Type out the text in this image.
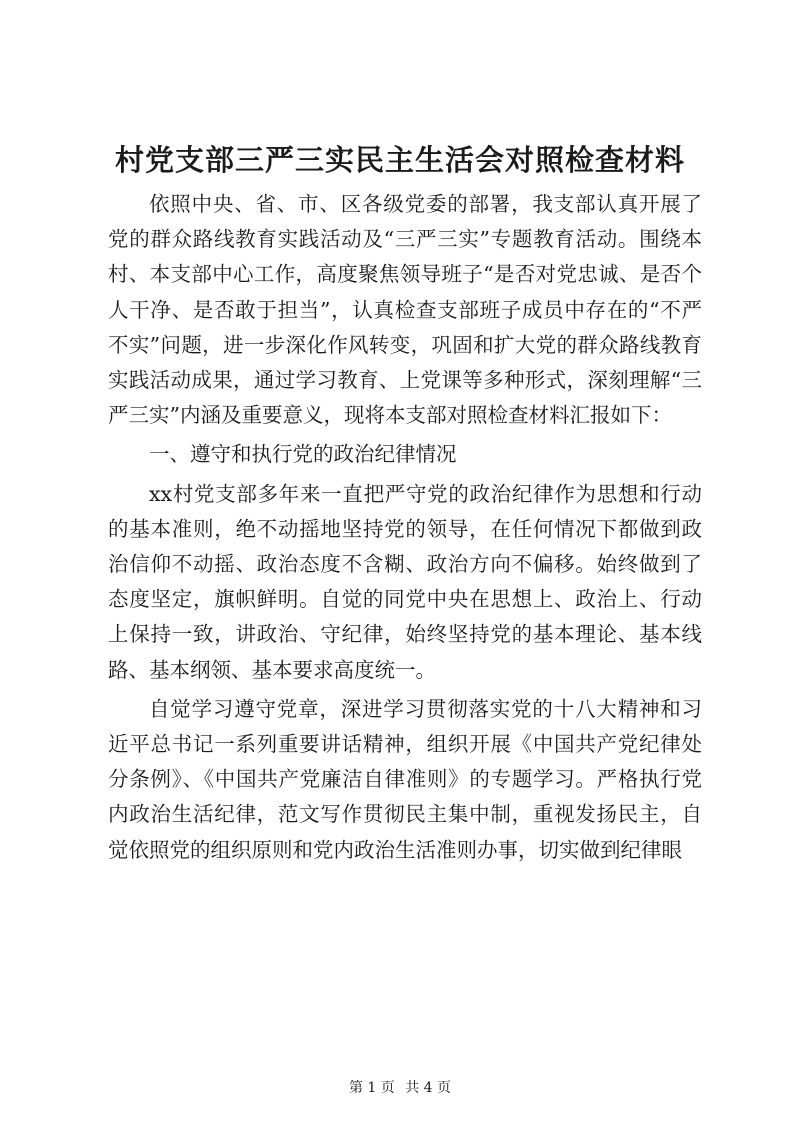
村党支部三严三实民主生活会对照检查材料

依照中央、省、市、区各级党委的部署，我支部认真开展了党的群众路线教育实践活动及“三严三实”专题教育活动。围绕本村、本支部中心工作，高度聚焦领导班子“是否对党忠诚、是否个人干净、是否敢于担当”，认真检查支部班子成员中存在的“不严不实”问题，进一步深化作风转变，巩固和扩大党的群众路线教育实践活动成果，通过学习教育、上党课等多种形式，深刻理解“三严三实”内涵及重要意义，现将本支部对照检查材料汇报如下：

一、遵守和执行党的政治纪律情况

xx村党支部多年来一直把严守党的政治纪律作为思想和行动的基本准则，绝不动摇地坚持党的领导，在任何情况下都做到政治信仰不动摇、政治态度不含糊、政治方向不偏移。始终做到了态度坚定，旗帜鲜明。自觉的同党中央在思想上、政治上、行动上保持一致，讲政治、守纪律，始终坚持党的基本理论、基本线路、基本纲领、基本要求高度统一。

自觉学习遵守党章，深进学习贯彻落实党的十八大精神和习近平总书记一系列重要讲话精神，组织开展《中国共产党纪律处分条例》、《中国共产党廉洁自律准则》的专题学习。严格执行党内政治生活纪律，范文写作贯彻民主集中制，重视发扬民主，自觉依照党的组织原则和党内政治生活准则办事，切实做到纪律眼

第 1 页 共 4 页
